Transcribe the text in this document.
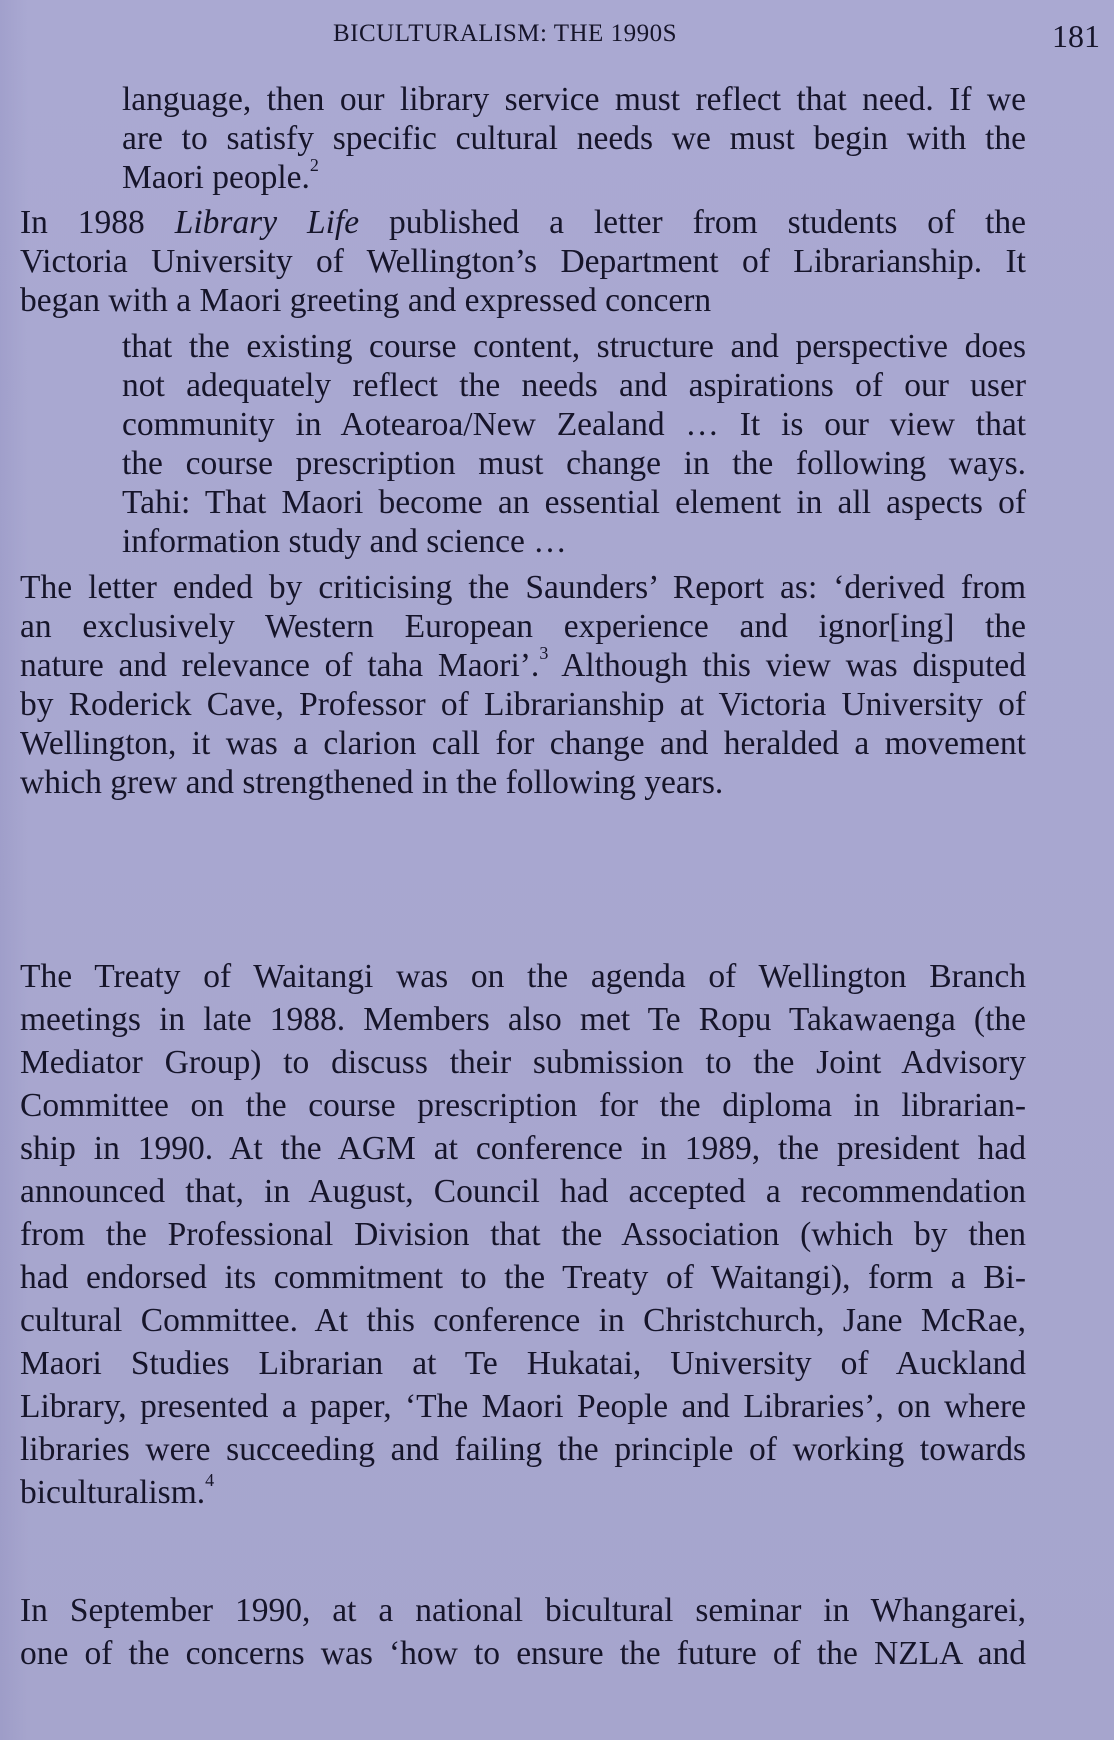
BICULTURALISM: THE 1990S	181
language, then our library service must reflect that need. If we
are to satisfy specific cultural needs we must begin with the
Maori people.$^2$
In 1988 Library Life published a letter from students of the
Victoria University of Wellington’s Department of Librarianship. It
began with a Maori greeting and expressed concern
that the existing course content, structure and perspective does
not adequately reflect the needs and aspirations of our user
community in Aotearoa/New Zealand … It is our view that
the course prescription must change in the following ways.
Tahi: That Maori become an essential element in all aspects of
information study and science …
The letter ended by criticising the Saunders’ Report as: ‘derived from
an exclusively Western European experience and ignor[ing] the
nature and relevance of taha Maori’.$^3$ Although this view was disputed
by Roderick Cave, Professor of Librarianship at Victoria University of
Wellington, it was a clarion call for change and heralded a movement
which grew and strengthened in the following years.
The Treaty of Waitangi was on the agenda of Wellington Branch
meetings in late 1988. Members also met Te Ropu Takawaenga (the
Mediator Group) to discuss their submission to the Joint Advisory
Committee on the course prescription for the diploma in librarian-
ship in 1990. At the AGM at conference in 1989, the president had
announced that, in August, Council had accepted a recommendation
from the Professional Division that the Association (which by then
had endorsed its commitment to the Treaty of Waitangi), form a Bi-
cultural Committee. At this conference in Christchurch, Jane McRae,
Maori Studies Librarian at Te Hukatai, University of Auckland
Library, presented a paper, ‘The Maori People and Libraries’, on where
libraries were succeeding and failing the principle of working towards
biculturalism.$^4$
In September 1990, at a national bicultural seminar in Whangarei,
one of the concerns was ‘how to ensure the future of the NZLA and
